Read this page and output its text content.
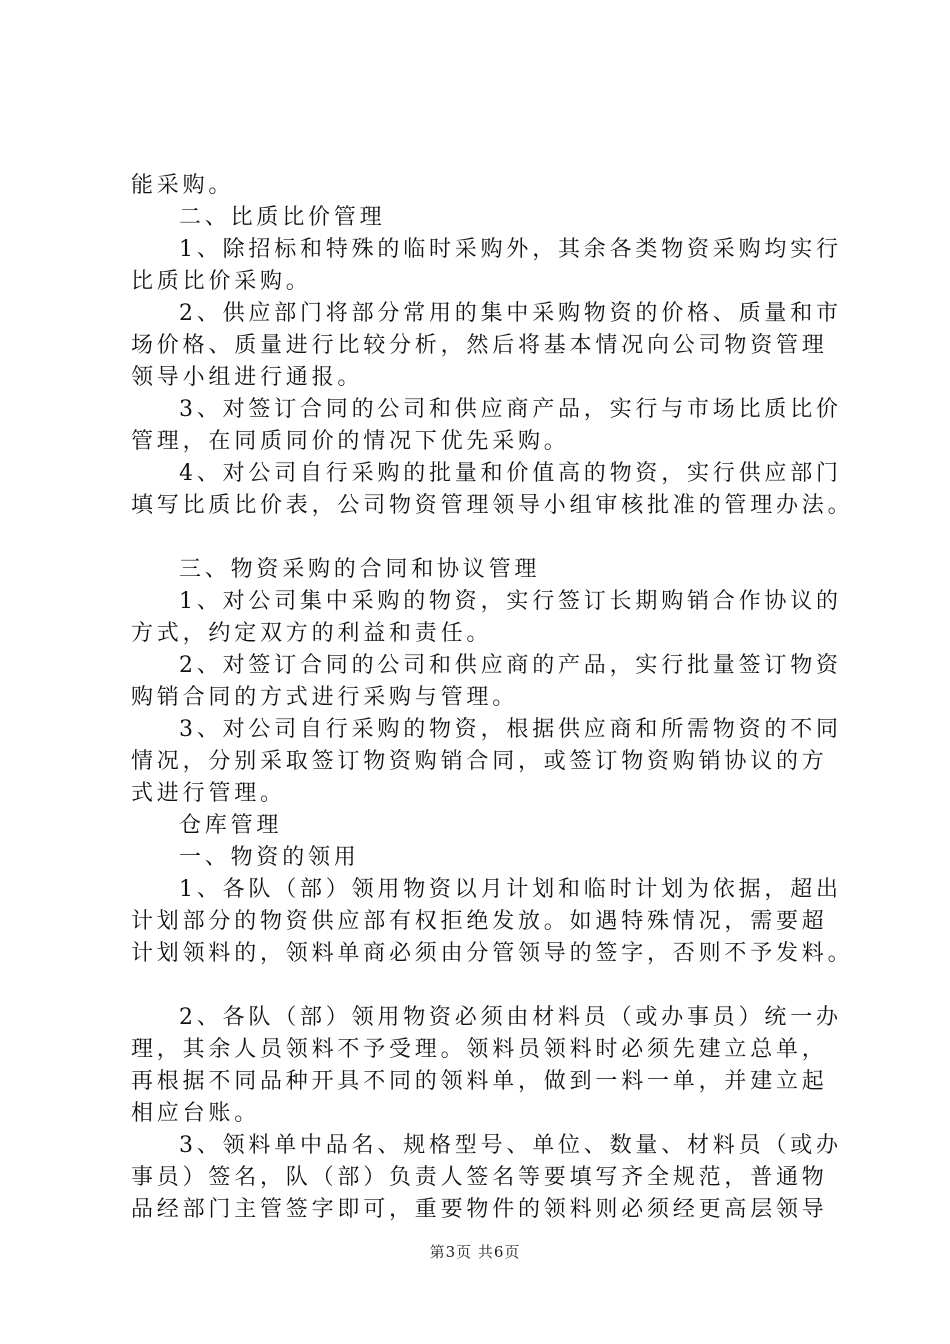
能采购。
二、比质比价管理
1、除招标和特殊的临时采购外，其余各类物资采购均实行
比质比价采购。
2、供应部门将部分常用的集中采购物资的价格、质量和市
场价格、质量进行比较分析，然后将基本情况向公司物资管理
领导小组进行通报。
3、对签订合同的公司和供应商产品，实行与市场比质比价
管理，在同质同价的情况下优先采购。
4、对公司自行采购的批量和价值高的物资，实行供应部门
填写比质比价表，公司物资管理领导小组审核批准的管理办法。
三、物资采购的合同和协议管理
1、对公司集中采购的物资，实行签订长期购销合作协议的
方式，约定双方的利益和责任。
2、对签订合同的公司和供应商的产品，实行批量签订物资
购销合同的方式进行采购与管理。
3、对公司自行采购的物资，根据供应商和所需物资的不同
情况，分别采取签订物资购销合同，或签订物资购销协议的方
式进行管理。
仓库管理
一、物资的领用
1、各队（部）领用物资以月计划和临时计划为依据，超出
计划部分的物资供应部有权拒绝发放。如遇特殊情况，需要超
计划领料的，领料单商必须由分管领导的签字，否则不予发料。
2、各队（部）领用物资必须由材料员（或办事员）统一办
理，其余人员领料不予受理。领料员领料时必须先建立总单，
再根据不同品种开具不同的领料单，做到一料一单，并建立起
相应台账。
3、领料单中品名、规格型号、单位、数量、材料员（或办
事员）签名，队（部）负责人签名等要填写齐全规范，普通物
品经部门主管签字即可，重要物件的领料则必须经更高层领导
第3页 共6页
